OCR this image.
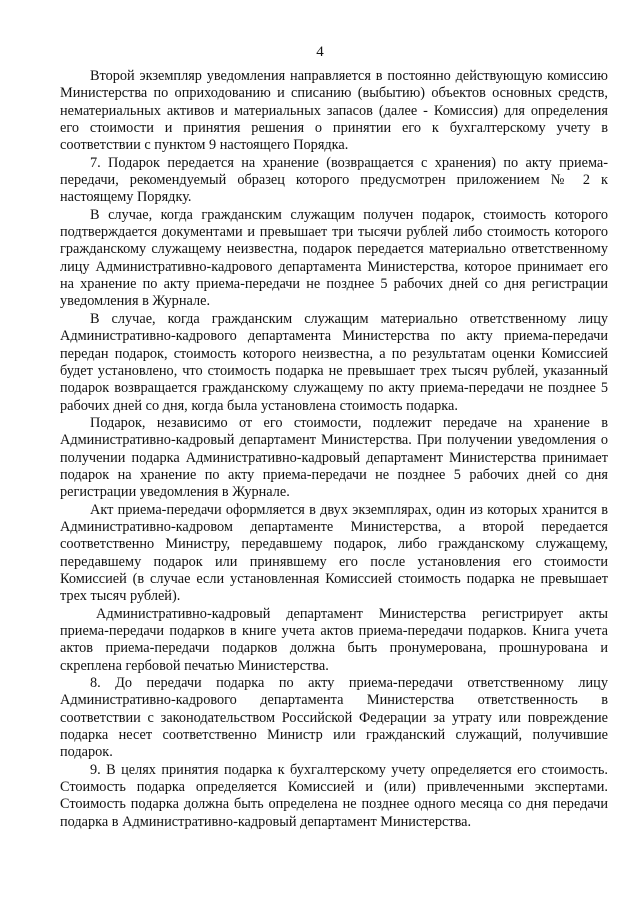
4

Второй экземпляр уведомления направляется в постоянно действующую комиссию Министерства по оприходованию и списанию (выбытию) объектов основных средств, нематериальных активов и материальных запасов (далее - Комиссия) для определения его стоимости и принятия решения о принятии его к бухгалтерскому учету в соответствии с пунктом 9 настоящего Порядка.

7. Подарок передается на хранение (возвращается с хранения) по акту приема-передачи, рекомендуемый образец которого предусмотрен приложением № 2 к настоящему Порядку.

В случае, когда гражданским служащим получен подарок, стоимость которого подтверждается документами и превышает три тысячи рублей либо стоимость которого гражданскому служащему неизвестна, подарок передается материально ответственному лицу Административно-кадрового департамента Министерства, которое принимает его на хранение по акту приема-передачи не позднее 5 рабочих дней со дня регистрации уведомления в Журнале.

В случае, когда гражданским служащим материально ответственному лицу Административно-кадрового департамента Министерства по акту приема-передачи передан подарок, стоимость которого неизвестна, а по результатам оценки Комиссией будет установлено, что стоимость подарка не превышает трех тысяч рублей, указанный подарок возвращается гражданскому служащему по акту приема-передачи не позднее 5 рабочих дней со дня, когда была установлена стоимость подарка.

Подарок, независимо от его стоимости, подлежит передаче на хранение в Административно-кадровый департамент Министерства. При получении уведомления о получении подарка Административно-кадровый департамент Министерства принимает подарок на хранение по акту приема-передачи не позднее 5 рабочих дней со дня регистрации уведомления в Журнале.

Акт приема-передачи оформляется в двух экземплярах, один из которых хранится в Административно-кадровом департаменте Министерства, а второй передается соответственно Министру, передавшему подарок, либо гражданскому служащему, передавшему подарок или принявшему его после установления его стоимости Комиссией (в случае если установленная Комиссией стоимость подарка не превышает трех тысяч рублей).

Административно-кадровый департамент Министерства регистрирует акты приема-передачи подарков в книге учета актов приема-передачи подарков. Книга учета актов приема-передачи подарков должна быть пронумерована, прошнурована и скреплена гербовой печатью Министерства.

8. До передачи подарка по акту приема-передачи ответственному лицу Административно-кадрового департамента Министерства ответственность в соответствии с законодательством Российской Федерации за утрату или повреждение подарка несет соответственно Министр или гражданский служащий, получившие подарок.

9. В целях принятия подарка к бухгалтерскому учету определяется его стоимость. Стоимость подарка определяется Комиссией и (или) привлеченными экспертами. Стоимость подарка должна быть определена не позднее одного месяца со дня передачи подарка в Административно-кадровый департамент Министерства.
